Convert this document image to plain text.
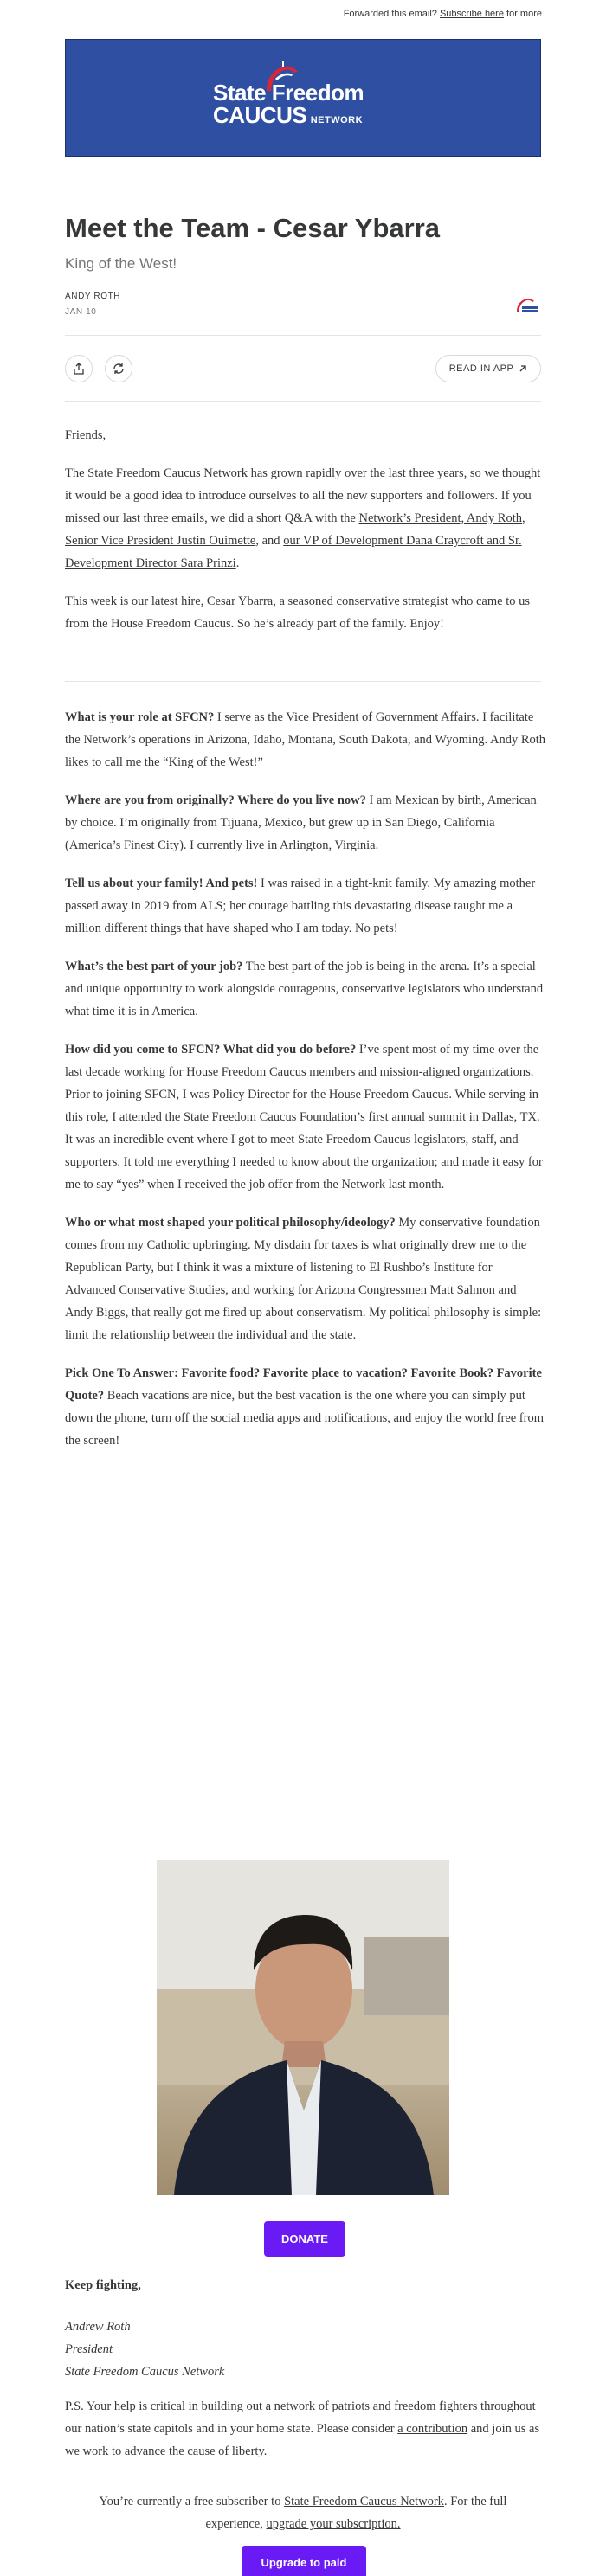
Forwarded this email? Subscribe here for more
State Freedom
CAUCUS NETWORK
Meet the Team - Cesar Ybarra
King of the West!
ANDY ROTH
JAN 10
READ IN APP

Friends,

The State Freedom Caucus Network has grown rapidly over the last three years, so we thought it would be a good idea to introduce ourselves to all the new supporters and followers. If you missed our last three emails, we did a short Q&A with the Network’s President, Andy Roth, Senior Vice President Justin Ouimette, and our VP of Development Dana Craycroft and Sr. Development Director Sara Prinzi.

This week is our latest hire, Cesar Ybarra, a seasoned conservative strategist who came to us from the House Freedom Caucus. So he’s already part of the family. Enjoy!

What is your role at SFCN? I serve as the Vice President of Government Affairs. I facilitate the Network’s operations in Arizona, Idaho, Montana, South Dakota, and Wyoming. Andy Roth likes to call me the “King of the West!”

Where are you from originally? Where do you live now? I am Mexican by birth, American by choice. I’m originally from Tijuana, Mexico, but grew up in San Diego, California (America’s Finest City). I currently live in Arlington, Virginia.

Tell us about your family! And pets! I was raised in a tight-knit family. My amazing mother passed away in 2019 from ALS; her courage battling this devastating disease taught me a million different things that have shaped who I am today. No pets!

What’s the best part of your job? The best part of the job is being in the arena. It’s a special and unique opportunity to work alongside courageous, conservative legislators who understand what time it is in America.

How did you come to SFCN? What did you do before? I’ve spent most of my time over the last decade working for House Freedom Caucus members and mission-aligned organizations. Prior to joining SFCN, I was Policy Director for the House Freedom Caucus. While serving in this role, I attended the State Freedom Caucus Foundation’s first annual summit in Dallas, TX. It was an incredible event where I got to meet State Freedom Caucus legislators, staff, and supporters. It told me everything I needed to know about the organization; and made it easy for me to say “yes” when I received the job offer from the Network last month.

Who or what most shaped your political philosophy/ideology? My conservative foundation comes from my Catholic upbringing. My disdain for taxes is what originally drew me to the Republican Party, but I think it was a mixture of listening to El Rushbo’s Institute for Advanced Conservative Studies, and working for Arizona Congressmen Matt Salmon and Andy Biggs, that really got me fired up about conservatism. My political philosophy is simple: limit the relationship between the individual and the state.

Pick One To Answer: Favorite food? Favorite place to vacation? Favorite Book? Favorite Quote? Beach vacations are nice, but the best vacation is the one where you can simply put down the phone, turn off the social media apps and notifications, and enjoy the world free from the screen!

DONATE
Keep fighting,
Andrew Roth
President
State Freedom Caucus Network
P.S. Your help is critical in building out a network of patriots and freedom fighters throughout our nation’s state capitols and in your home state. Please consider a contribution and join us as we work to advance the cause of liberty.
You’re currently a free subscriber to State Freedom Caucus Network. For the full experience, upgrade your subscription.
Upgrade to paid
